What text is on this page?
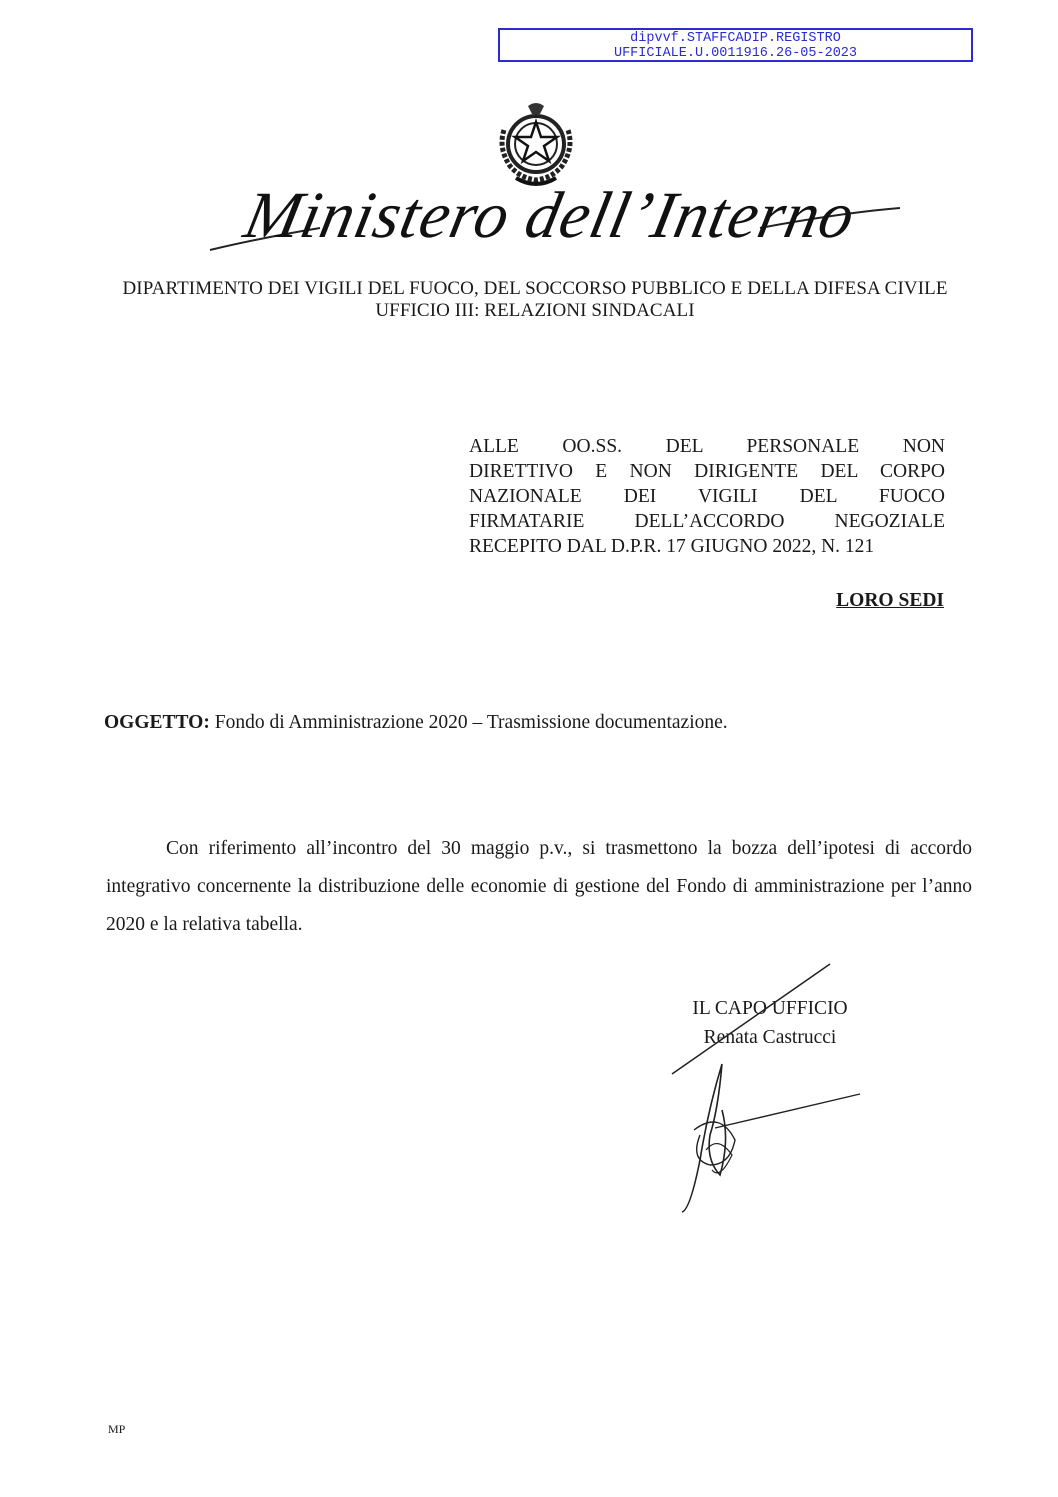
dipvvf.STAFFCADIP.REGISTRO
UFFICIALE.U.0011916.26-05-2023
Ministero dell’Interno
DIPARTIMENTO DEI VIGILI DEL FUOCO, DEL SOCCORSO PUBBLICO E DELLA DIFESA CIVILE
UFFICIO III: RELAZIONI SINDACALI
ALLE OO.SS. DEL PERSONALE NON
DIRETTIVO E NON DIRIGENTE DEL CORPO
NAZIONALE DEI VIGILI DEL FUOCO
FIRMATARIE DELL’ACCORDO NEGOZIALE
RECEPITO DAL D.P.R. 17 GIUGNO 2022, N. 121
LORO SEDI
OGGETTO: Fondo di Amministrazione 2020 – Trasmissione documentazione.
Con riferimento all’incontro del 30 maggio p.v., si trasmettono la bozza dell’ipotesi di accordo integrativo concernente la distribuzione delle economie di gestione del Fondo di amministrazione per l’anno 2020 e la relativa tabella.
IL CAPO UFFICIO
Renata Castrucci
MP
